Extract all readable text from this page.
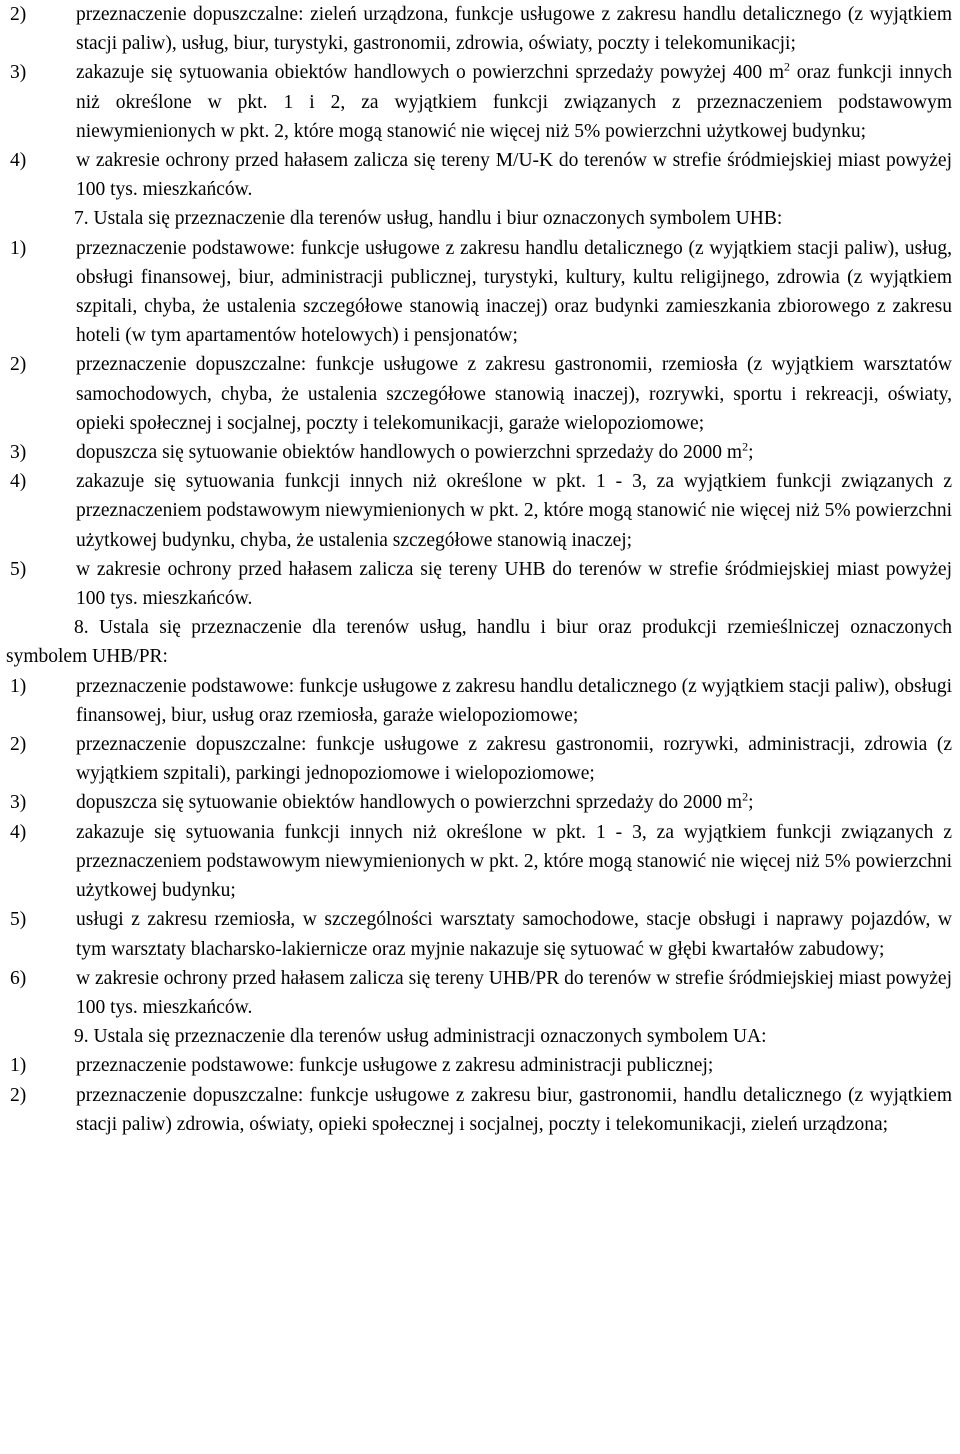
2)	przeznaczenie dopuszczalne: zieleń urządzona, funkcje usługowe z zakresu handlu detalicznego (z wyjątkiem stacji paliw), usług, biur, turystyki, gastronomii, zdrowia, oświaty, poczty i telekomunikacji;
3)	zakazuje się sytuowania obiektów handlowych o powierzchni sprzedaży powyżej 400 $m^2$ oraz funkcji innych niż określone w pkt. 1 i 2, za wyjątkiem funkcji związanych z przeznaczeniem podstawowym niewymienionych w pkt. 2, które mogą stanowić nie więcej niż 5% powierzchni użytkowej budynku;
4)	w zakresie ochrony przed hałasem zalicza się tereny M/U-K do terenów w strefie śródmiejskiej miast powyżej 100 tys. mieszkańców.
7. Ustala się przeznaczenie dla terenów usług, handlu i biur oznaczonych symbolem UHB:
1)	przeznaczenie podstawowe: funkcje usługowe z zakresu handlu detalicznego (z wyjątkiem stacji paliw), usług, obsługi finansowej, biur, administracji publicznej, turystyki, kultury, kultu religijnego, zdrowia (z wyjątkiem szpitali, chyba, że ustalenia szczegółowe stanowią inaczej) oraz budynki zamieszkania zbiorowego z zakresu hoteli (w tym apartamentów hotelowych) i pensjonatów;
2)	przeznaczenie dopuszczalne: funkcje usługowe z zakresu gastronomii, rzemiosła (z wyjątkiem warsztatów samochodowych, chyba, że ustalenia szczegółowe stanowią inaczej), rozrywki, sportu i rekreacji, oświaty, opieki społecznej i socjalnej, poczty i telekomunikacji, garaże wielopoziomowe;
3)	dopuszcza się sytuowanie obiektów handlowych o powierzchni sprzedaży do 2000 $m^2$;
4)	zakazuje się sytuowania funkcji innych niż określone w pkt. 1 - 3, za wyjątkiem funkcji związanych z przeznaczeniem podstawowym niewymienionych w pkt. 2, które mogą stanowić nie więcej niż 5% powierzchni użytkowej budynku, chyba, że ustalenia szczegółowe stanowią inaczej;
5)	w zakresie ochrony przed hałasem zalicza się tereny UHB do terenów w strefie śródmiejskiej miast powyżej 100 tys. mieszkańców.
8. Ustala się przeznaczenie dla terenów usług, handlu i biur oraz produkcji rzemieślniczej oznaczonych symbolem UHB/PR:
1)	przeznaczenie podstawowe: funkcje usługowe z zakresu handlu detalicznego (z wyjątkiem stacji paliw), obsługi finansowej, biur, usług oraz rzemiosła, garaże wielopoziomowe;
2)	przeznaczenie dopuszczalne: funkcje usługowe z zakresu gastronomii, rozrywki, administracji, zdrowia (z wyjątkiem szpitali), parkingi jednopoziomowe i wielopoziomowe;
3)	dopuszcza się sytuowanie obiektów handlowych o powierzchni sprzedaży do 2000 $m^2$;
4)	zakazuje się sytuowania funkcji innych niż określone w pkt. 1 - 3, za wyjątkiem funkcji związanych z przeznaczeniem podstawowym niewymienionych w pkt. 2, które mogą stanowić nie więcej niż 5% powierzchni użytkowej budynku;
5)	usługi z zakresu rzemiosła, w szczególności warsztaty samochodowe, stacje obsługi i naprawy pojazdów, w tym warsztaty blacharsko-lakiernicze oraz myjnie nakazuje się sytuować w głębi kwartałów zabudowy;
6)	w zakresie ochrony przed hałasem zalicza się tereny UHB/PR do terenów w strefie śródmiejskiej miast powyżej 100 tys. mieszkańców.
9. Ustala się przeznaczenie dla terenów usług administracji oznaczonych symbolem UA:
1)	przeznaczenie podstawowe: funkcje usługowe z zakresu administracji publicznej;
2)	przeznaczenie dopuszczalne: funkcje usługowe z zakresu biur, gastronomii, handlu detalicznego (z wyjątkiem stacji paliw) zdrowia, oświaty, opieki społecznej i socjalnej, poczty i telekomunikacji, zieleń urządzona;
